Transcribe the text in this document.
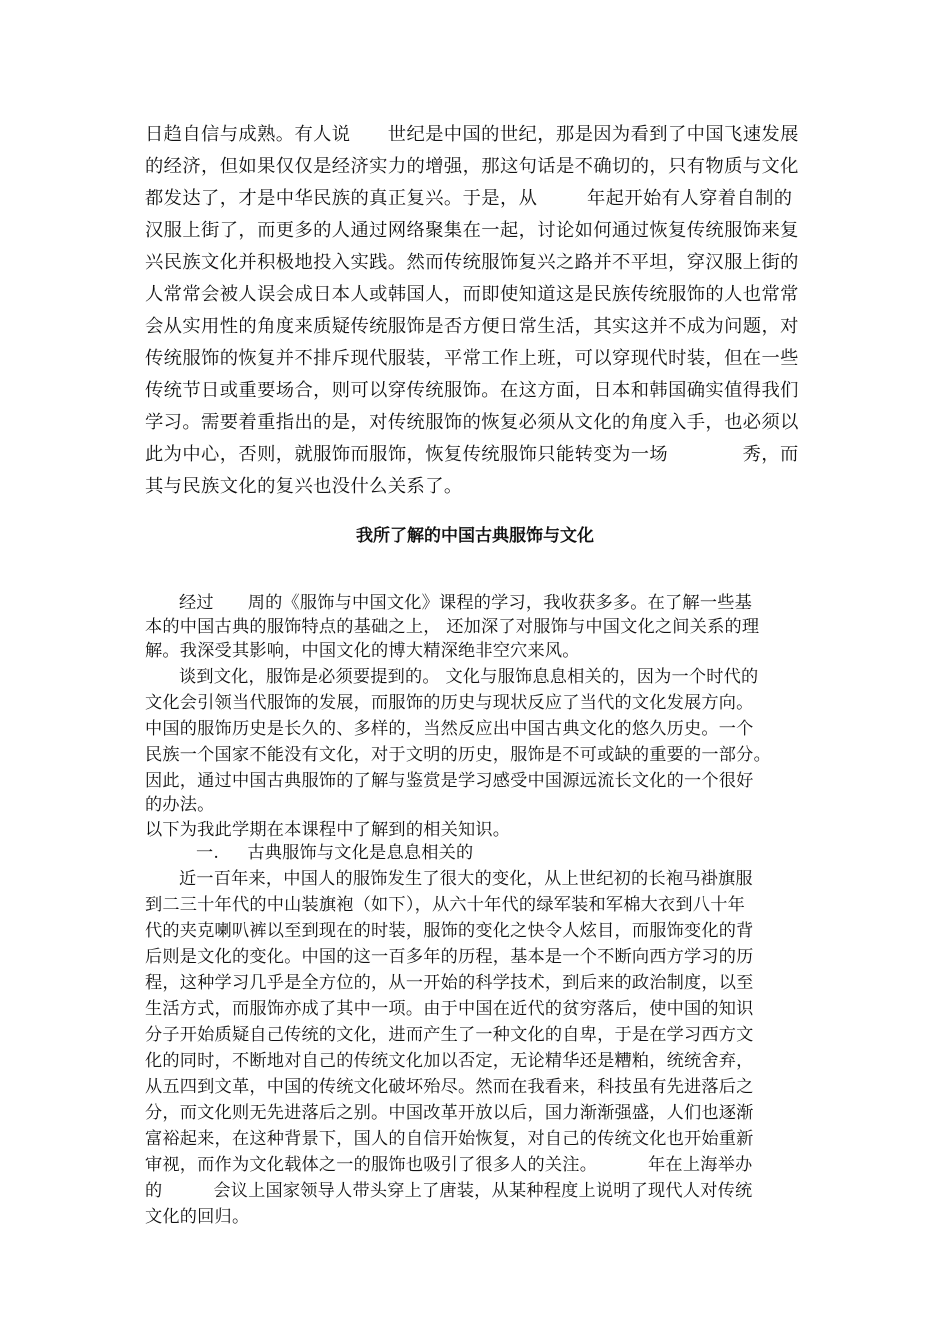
日趋自信与成熟。有人说      世纪是中国的世纪，那是因为看到了中国飞速发展

的经济，但如果仅仅是经济实力的增强，那这句话是不确切的，只有物质与文化

都发达了，才是中华民族的真正复兴。于是，从        年起开始有人穿着自制的

汉服上街了，而更多的人通过网络聚集在一起，讨论如何通过恢复传统服饰来复

兴民族文化并积极地投入实践。然而传统服饰复兴之路并不平坦，穿汉服上街的

人常常会被人误会成日本人或韩国人，而即使知道这是民族传统服饰的人也常常

会从实用性的角度来质疑传统服饰是否方便日常生活，其实这并不成为问题，对

传统服饰的恢复并不排斥现代服装，平常工作上班，可以穿现代时装，但在一些

传统节日或重要场合，则可以穿传统服饰。在这方面，日本和韩国确实值得我们

学习。需要着重指出的是，对传统服饰的恢复必须从文化的角度入手，也必须以

此为中心，否则，就服饰而服饰，恢复传统服饰只能转变为一场            秀，而

其与民族文化的复兴也没什么关系了。

我所了解的中国古典服饰与文化

经过      周的《服饰与中国文化》课程的学习，我收获多多。在了解一些基

本的中国古典的服饰特点的基础之上， 还加深了对服饰与中国文化之间关系的理

解。我深受其影响，中国文化的博大精深绝非空穴来风。

谈到文化，服饰是必须要提到的。 文化与服饰息息相关的，因为一个时代的

文化会引领当代服饰的发展，而服饰的历史与现状反应了当代的文化发展方向。

中国的服饰历史是长久的、多样的，当然反应出中国古典文化的悠久历史。一个

民族一个国家不能没有文化，对于文明的历史，服饰是不可或缺的重要的一部分。

因此，通过中国古典服饰的了解与鉴赏是学习感受中国源远流长文化的一个很好

的办法。

以下为我此学期在本课程中了解到的相关知识。

一.     古典服饰与文化是息息相关的

近一百年来，中国人的服饰发生了很大的变化，从上世纪初的长袍马褂旗服

到二三十年代的中山装旗袍（如下），从六十年代的绿军装和军棉大衣到八十年

代的夹克喇叭裤以至到现在的时装，服饰的变化之快令人炫目，而服饰变化的背

后则是文化的变化。中国的这一百多年的历程，基本是一个不断向西方学习的历

程，这种学习几乎是全方位的，从一开始的科学技术，到后来的政治制度，以至

生活方式，而服饰亦成了其中一项。由于中国在近代的贫穷落后，使中国的知识

分子开始质疑自己传统的文化，进而产生了一种文化的自卑，于是在学习西方文

化的同时，不断地对自己的传统文化加以否定，无论精华还是糟粕，统统舍弃，

从五四到文革，中国的传统文化破坏殆尽。然而在我看来，科技虽有先进落后之

分，而文化则无先进落后之别。中国改革开放以后，国力渐渐强盛，人们也逐渐

富裕起来，在这种背景下，国人的自信开始恢复，对自己的传统文化也开始重新

审视，而作为文化载体之一的服饰也吸引了很多人的关注。         年在上海举办

的         会议上国家领导人带头穿上了唐装，从某种程度上说明了现代人对传统

文化的回归。
